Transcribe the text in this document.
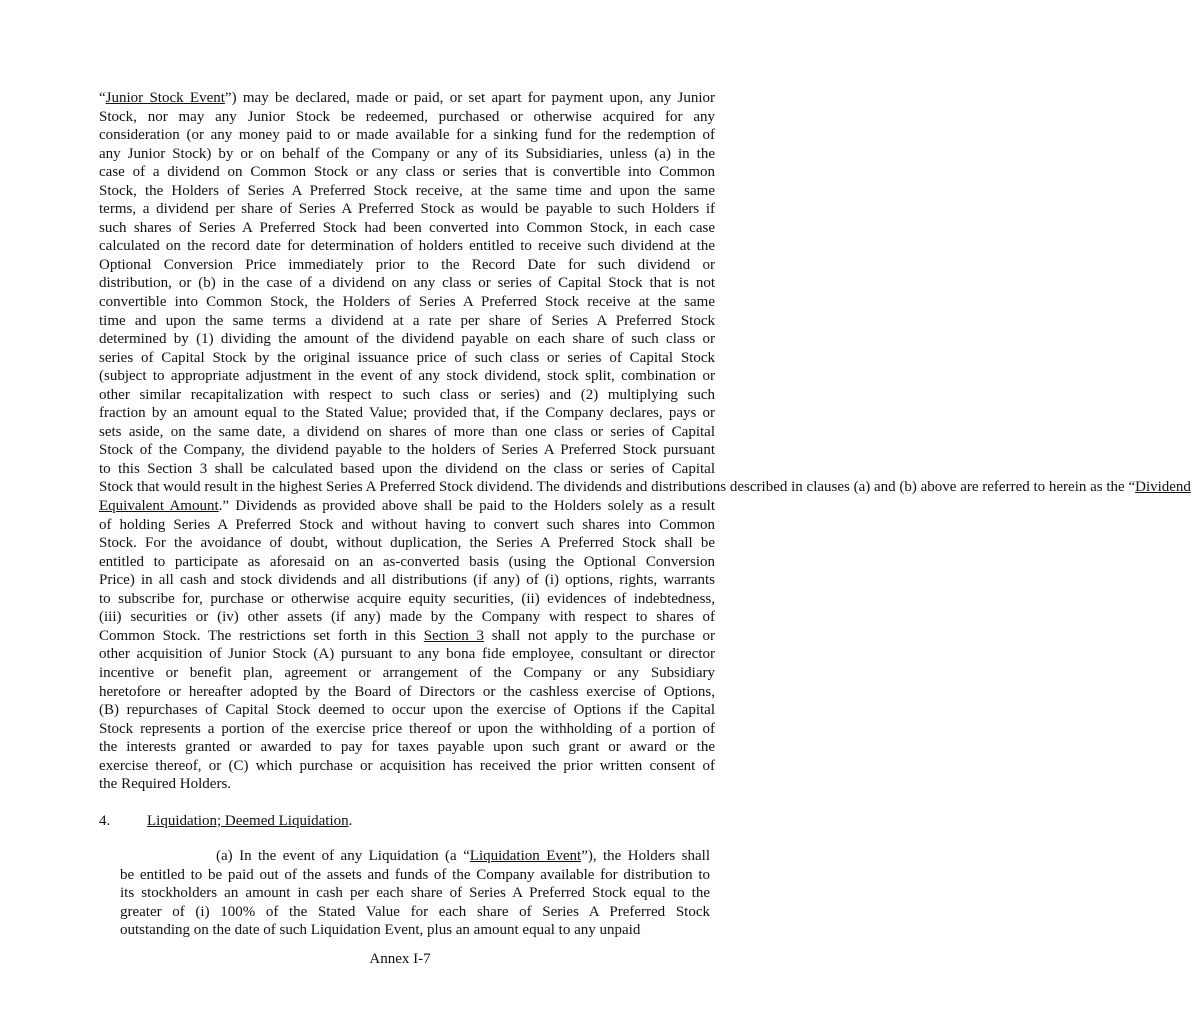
“Junior Stock Event”) may be declared, made or paid, or set apart for payment upon, any Junior
Stock, nor may any Junior Stock be redeemed, purchased or otherwise acquired for any
consideration (or any money paid to or made available for a sinking fund for the redemption of
any Junior Stock) by or on behalf of the Company or any of its Subsidiaries, unless (a) in the
case of a dividend on Common Stock or any class or series that is convertible into Common
Stock, the Holders of Series A Preferred Stock receive, at the same time and upon the same
terms, a dividend per share of Series A Preferred Stock as would be payable to such Holders if
such shares of Series A Preferred Stock had been converted into Common Stock, in each case
calculated on the record date for determination of holders entitled to receive such dividend at the
Optional Conversion Price immediately prior to the Record Date for such dividend or
distribution, or (b) in the case of a dividend on any class or series of Capital Stock that is not
convertible into Common Stock, the Holders of Series A Preferred Stock receive at the same
time and upon the same terms a dividend at a rate per share of Series A Preferred Stock
determined by (1) dividing the amount of the dividend payable on each share of such class or
series of Capital Stock by the original issuance price of such class or series of Capital Stock
(subject to appropriate adjustment in the event of any stock dividend, stock split, combination or
other similar recapitalization with respect to such class or series) and (2) multiplying such
fraction by an amount equal to the Stated Value; provided that, if the Company declares, pays or
sets aside, on the same date, a dividend on shares of more than one class or series of Capital
Stock of the Company, the dividend payable to the holders of Series A Preferred Stock pursuant
to this Section 3 shall be calculated based upon the dividend on the class or series of Capital
Stock that would result in the highest Series A Preferred Stock dividend. The dividends and distributions described in clauses (a) and (b) above are referred to herein as the “Dividend
Equivalent Amount.” Dividends as provided above shall be paid to the Holders solely as a result
of holding Series A Preferred Stock and without having to convert such shares into Common
Stock. For the avoidance of doubt, without duplication, the Series A Preferred Stock shall be
entitled to participate as aforesaid on an as-converted basis (using the Optional Conversion
Price) in all cash and stock dividends and all distributions (if any) of (i) options, rights, warrants
to subscribe for, purchase or otherwise acquire equity securities, (ii) evidences of indebtedness,
(iii) securities or (iv) other assets (if any) made by the Company with respect to shares of
Common Stock. The restrictions set forth in this Section 3 shall not apply to the purchase or
other acquisition of Junior Stock (A) pursuant to any bona fide employee, consultant or director
incentive or benefit plan, agreement or arrangement of the Company or any Subsidiary
heretofore or hereafter adopted by the Board of Directors or the cashless exercise of Options,
(B) repurchases of Capital Stock deemed to occur upon the exercise of Options if the Capital
Stock represents a portion of the exercise price thereof or upon the withholding of a portion of
the interests granted or awarded to pay for taxes payable upon such grant or award or the
exercise thereof, or (C) which purchase or acquisition has received the prior written consent of
the Required Holders.
4. Liquidation; Deemed Liquidation.
(a) In the event of any Liquidation (a “Liquidation Event”), the Holders shall
be entitled to be paid out of the assets and funds of the Company available for distribution to
its stockholders an amount in cash per each share of Series A Preferred Stock equal to the
greater of (i) 100% of the Stated Value for each share of Series A Preferred Stock
outstanding on the date of such Liquidation Event, plus an amount equal to any unpaid
Annex I-7
